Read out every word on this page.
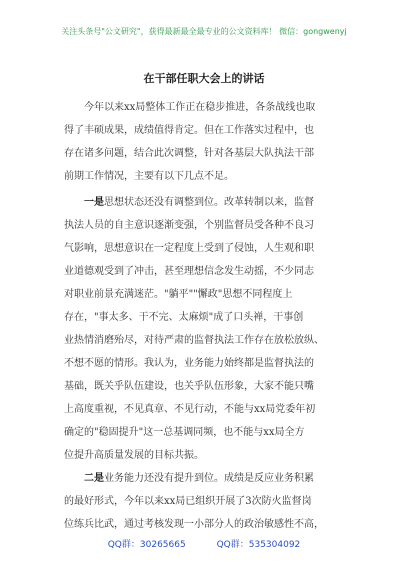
关注头条号"公文研究"，获得最新最全最专业的公文资料库！ 微信：gongwenyj
在干部任职大会上的讲话
今年以来xx局整体工作正在稳步推进，各条战线也取
得了丰硕成果，成绩值得肯定。但在工作落实过程中，也
存在诸多问题，结合此次调整，针对各基层大队执法干部
前期工作情况，主要有以下几点不足。
一是思想状态还没有调整到位。改革转制以来，监督
执法人员的自主意识逐渐变强，个别监督员受各种不良习
气影响，思想意识在一定程度上受到了侵蚀，人生观和职
业道德观受到了冲击，甚至理想信念发生动摇，不少同志
对职业前景充满迷茫。"躺平""懈政"思想不同程度上
存在，"事太多、干不完、太麻烦"成了口头禅，干事创
业热情消磨殆尽，对待严肃的监督执法工作存在放松放纵、
不想不愿的情形。我认为，业务能力始终都是监督执法的
基础，既关乎队伍建设，也关乎队伍形象，大家不能只嘴
上高度重视，不见真章、不见行动，不能与xx局党委年初
确定的"稳固提升"这一总基调同频，也不能与xx局全方
位提升高质量发展的目标共振。
二是业务能力还没有提升到位。成绩是反应业务积累
的最好形式，今年以来xx局已组织开展了3次防火监督岗
位练兵比武，通过考核发现一小部分人的政治敏感性不高，
QQ群：30265665	QQ群：535304092
